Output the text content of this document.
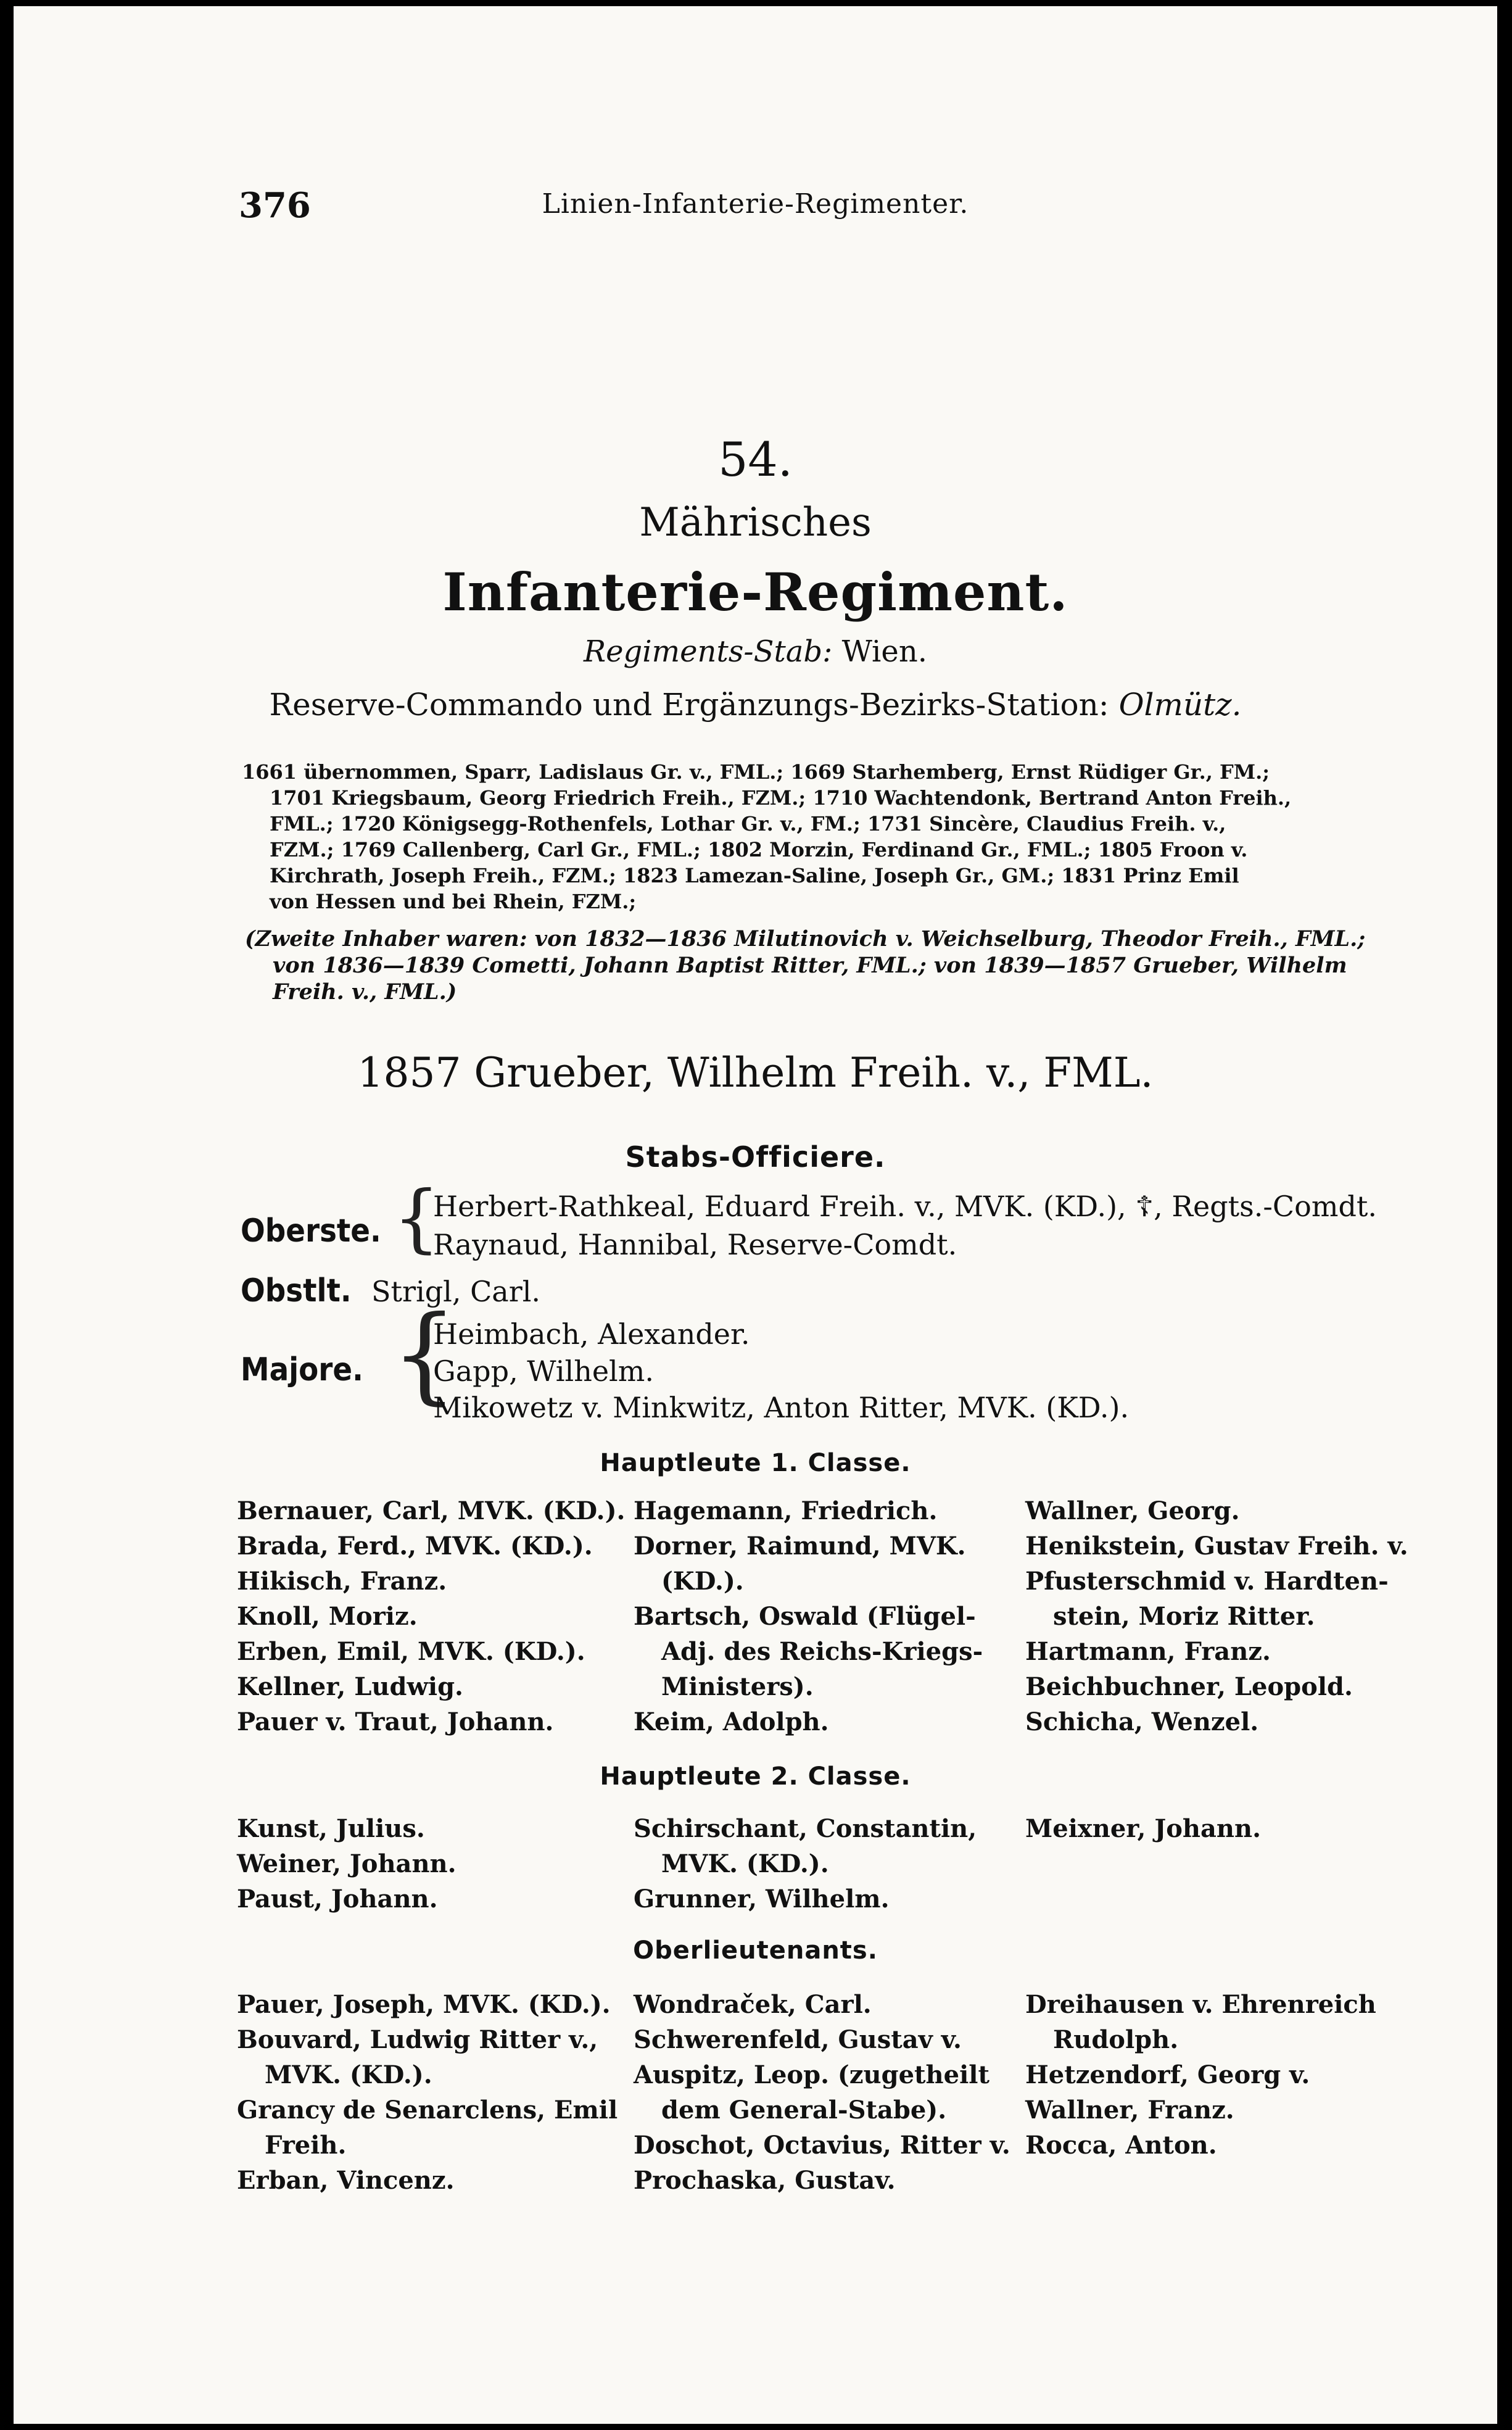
376	Linien-Infanterie-Regimenter.
54.
Mährisches
Infanterie-Regiment.
Regiments-Stab: Wien.
Reserve-Commando und Ergänzungs-Bezirks-Station: Olmütz.
1661 übernommen, Sparr, Ladislaus Gr. v., FML.; 1669 Starhemberg, Ernst Rüdiger Gr., FM.;
1701 Kriegsbaum, Georg Friedrich Freih., FZM.; 1710 Wachtendonk, Bertrand Anton Freih.,
FML.; 1720 Königsegg-Rothenfels, Lothar Gr. v., FM.; 1731 Sincère, Claudius Freih. v.,
FZM.; 1769 Callenberg, Carl Gr., FML.; 1802 Morzin, Ferdinand Gr., FML.; 1805 Froon v.
Kirchrath, Joseph Freih., FZM.; 1823 Lamezan-Saline, Joseph Gr., GM.; 1831 Prinz Emil
von Hessen und bei Rhein, FZM.;
(Zweite Inhaber waren: von 1832—1836 Milutinovich v. Weichselburg, Theodor Freih., FML.;
von 1836—1839 Cometti, Johann Baptist Ritter, FML.; von 1839—1857 Grueber, Wilhelm
Freih. v., FML.)
1857 Grueber, Wilhelm Freih. v., FML.
Stabs-Officiere.
Oberste. {
Herbert-Rathkeal, Eduard Freih. v., MVK. (KD.), ☦, Regts.-Comdt.
Raynaud, Hannibal, Reserve-Comdt.
Obstlt. Strigl, Carl.
Majore. {
Heimbach, Alexander.
Gapp, Wilhelm.
Mikowetz v. Minkwitz, Anton Ritter, MVK. (KD.).
Hauptleute 1. Classe.
Bernauer, Carl, MVK. (KD.).
Brada, Ferd., MVK. (KD.).
Hikisch, Franz.
Knoll, Moriz.
Erben, Emil, MVK. (KD.).
Kellner, Ludwig.
Pauer v. Traut, Johann.
Hagemann, Friedrich.
Dorner, Raimund, MVK.
(KD.).
Bartsch, Oswald (Flügel-
Adj. des Reichs-Kriegs-
Ministers).
Keim, Adolph.
Wallner, Georg.
Henikstein, Gustav Freih. v.
Pfusterschmid v. Hardten-
stein, Moriz Ritter.
Hartmann, Franz.
Beichbuchner, Leopold.
Schicha, Wenzel.
Hauptleute 2. Classe.
Kunst, Julius.
Weiner, Johann.
Paust, Johann.
Schirschant, Constantin,
MVK. (KD.).
Grunner, Wilhelm.
Meixner, Johann.
Oberlieutenants.
Pauer, Joseph, MVK. (KD.).
Bouvard, Ludwig Ritter v.,
MVK. (KD.).
Grancy de Senarclens, Emil
Freih.
Erban, Vincenz.
Wondraček, Carl.
Schwerenfeld, Gustav v.
Auspitz, Leop. (zugetheilt
dem General-Stabe).
Doschot, Octavius, Ritter v.
Prochaska, Gustav.
Dreihausen v. Ehrenreich
Rudolph.
Hetzendorf, Georg v.
Wallner, Franz.
Rocca, Anton.
